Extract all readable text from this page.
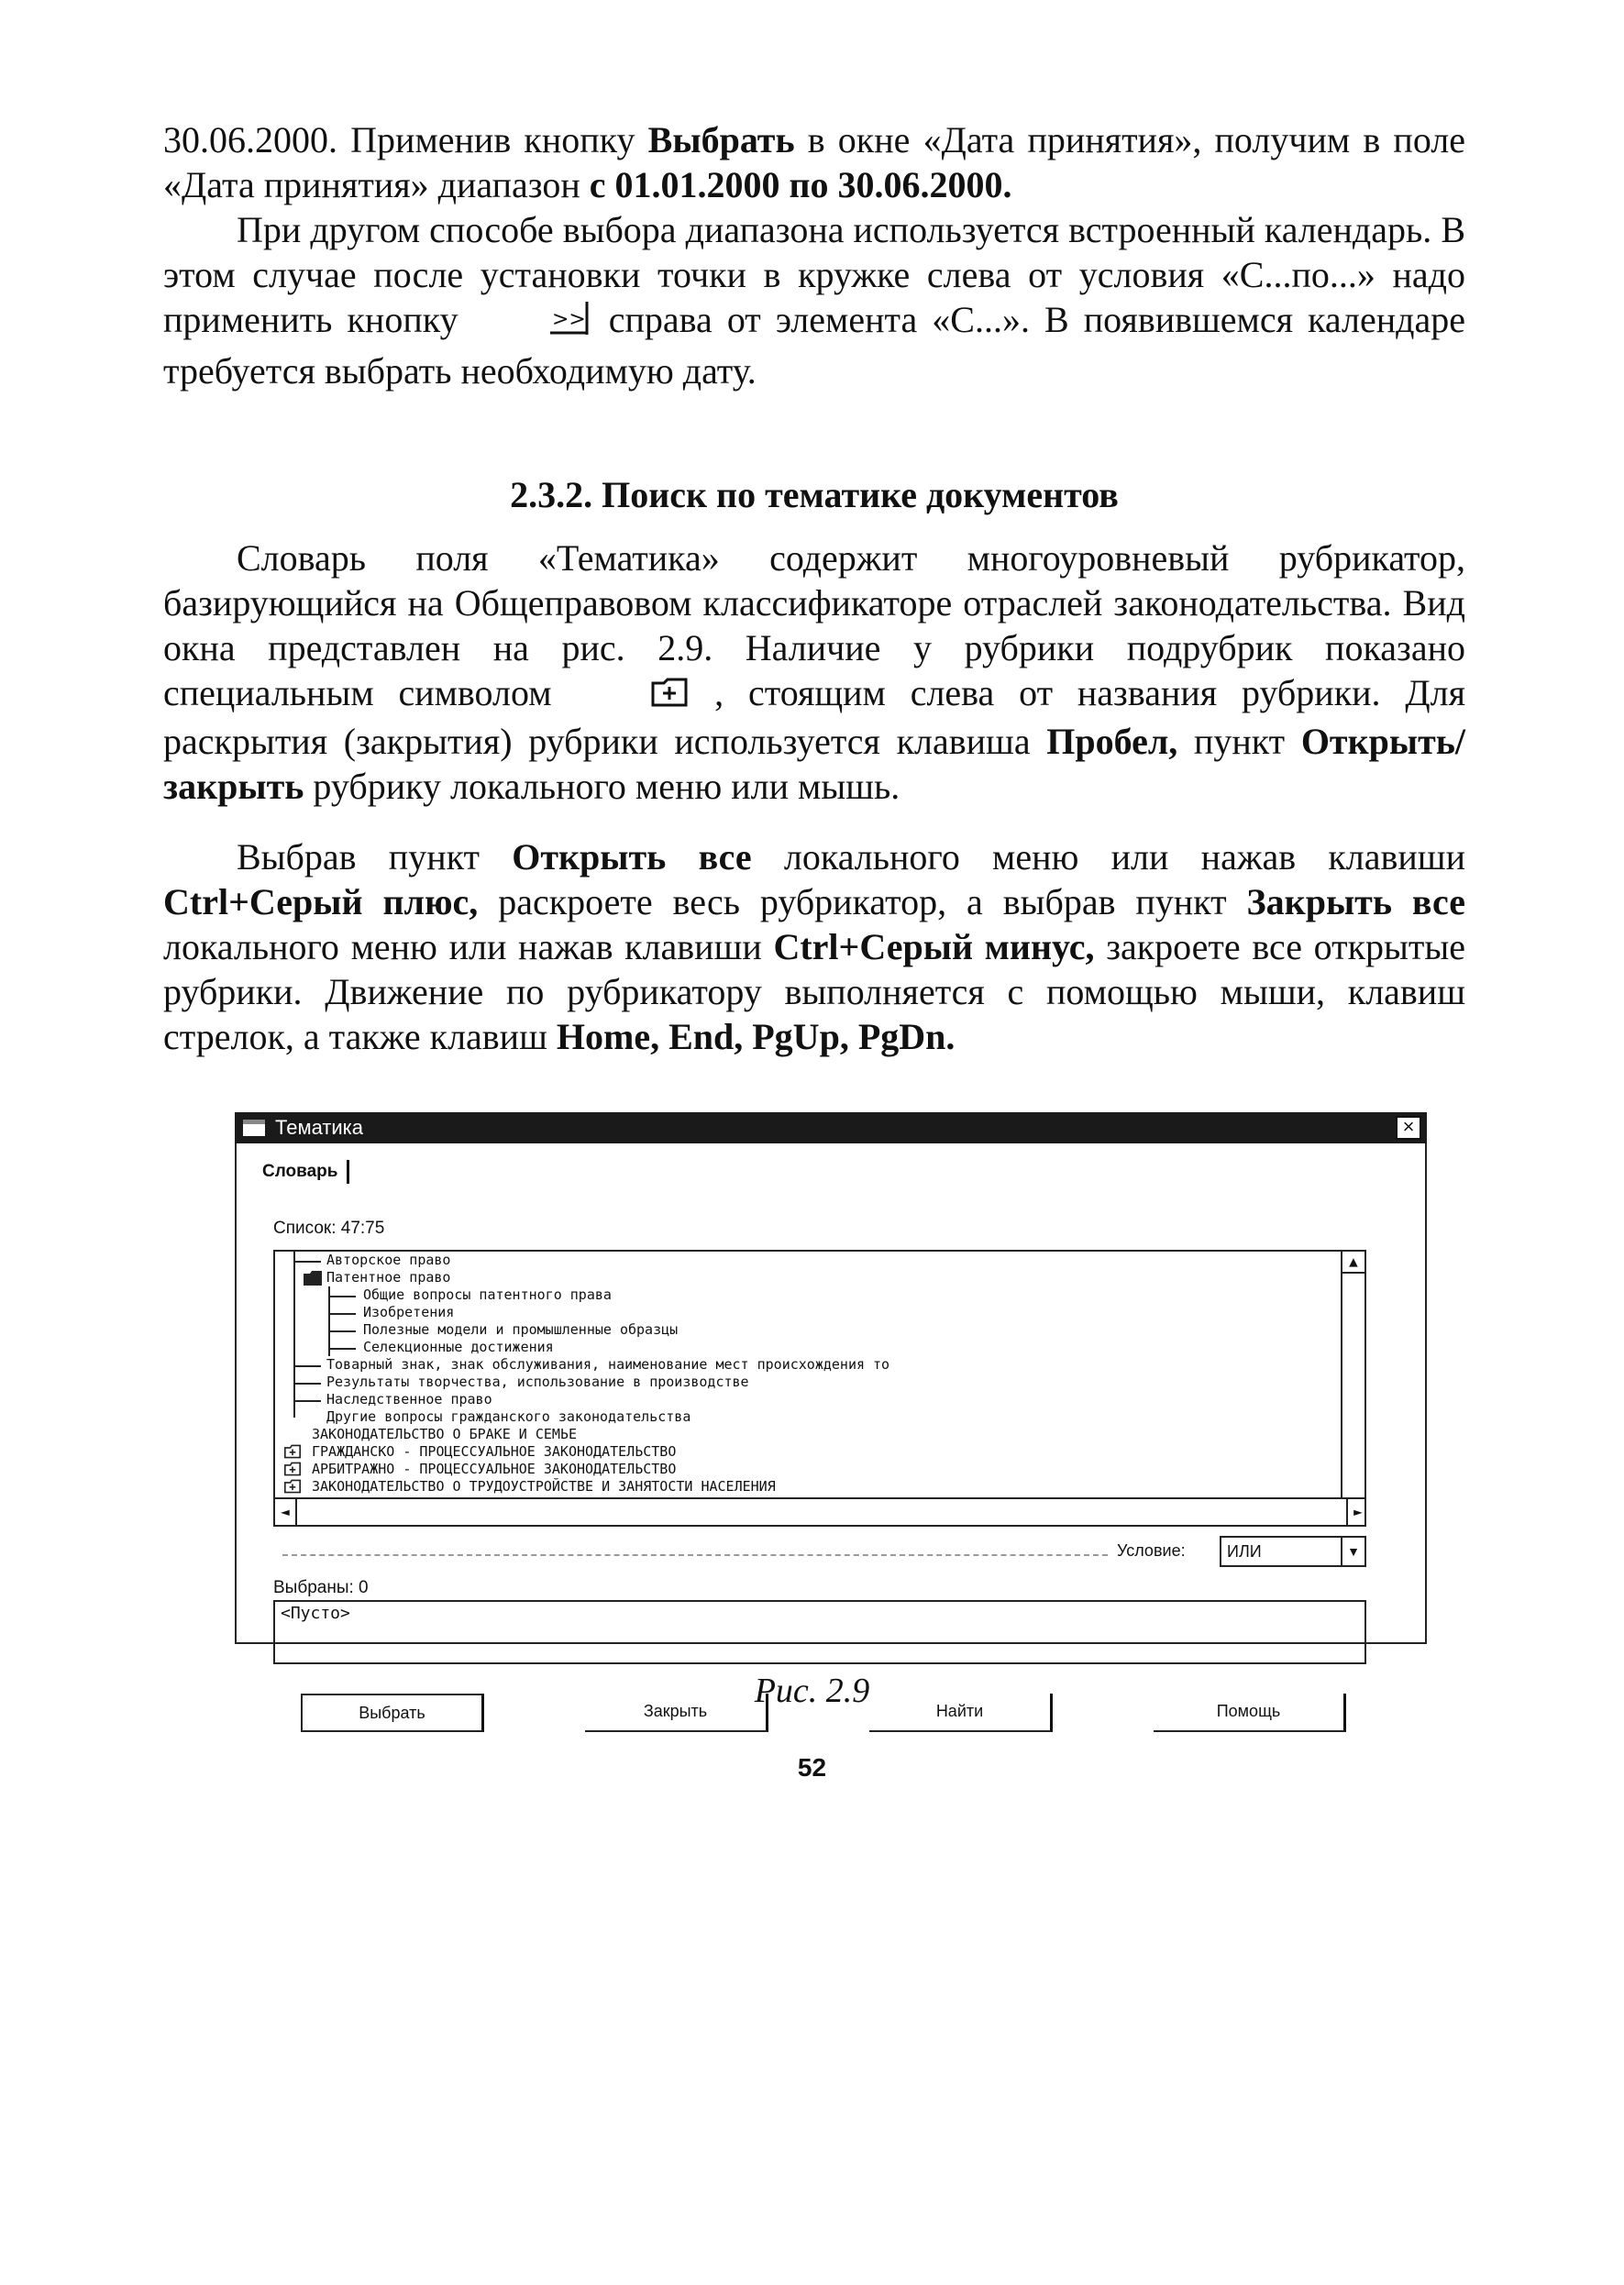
30.06.2000. Применив кнопку Выбрать в окне «Дата принятия», получим в поле «Дата принятия» диапазон с 01.01.2000 по 30.06.2000.

При другом способе выбора диапазона используется встроенный календарь. В этом случае после установки точки в кружке слева от условия «С...по...» надо применить кнопку	>> справа от элемента «С...». В появившемся календаре требуется выбрать необходимую дату.

2.3.2. Поиск по тематике документов

Словарь поля «Тематика» содержит многоуровневый рубрикатор, базирующийся на Общеправовом классификаторе отраслей законодательства. Вид окна представлен на рис. 2.9. Наличие у рубрики подрубрик показано специальным символом	, стоящим слева от названия рубрики. Для раскрытия (закрытия) рубрики используется клавиша Пробел, пункт Открыть/закрыть рубрику локального меню или мышь.

Выбрав пункт Открыть все локального меню или нажав клавиши Ctrl+Серый плюс, раскроете весь рубрикатор, а выбрав пункт Закрыть все локального меню или нажав клавиши Ctrl+Серый минус, закроете все открытые рубрики. Движение по рубрикатору выполняется с помощью мыши, клавиш стрелок, а также клавиш Home, End, PgUp, PgDn.

Тематика	×
Словарь
Список: 47:75
Авторское право
Патентное право
Общие вопросы патентного права
Изобретения
Полезные модели и промышленные образцы
Селекционные достижения
Товарный знак, знак обслуживания, наименование мест происхождения то
Результаты творчества, использование в производстве
Наследственное право
▲
◄	►
Другие вопросы гражданского законодательства
ЗАКОНОДАТЕЛЬСТВО О БРАКЕ И СЕМЬЕ
ГРАЖДАНСКО - ПРОЦЕССУАЛЬНОЕ ЗАКОНОДАТЕЛЬСТВО
АРБИТРАЖНО - ПРОЦЕССУАЛЬНОЕ ЗАКОНОДАТЕЛЬСТВО
ЗАКОНОДАТЕЛЬСТВО О ТРУДОУСТРОЙСТВЕ И ЗАНЯТОСТИ НАСЕЛЕНИЯ
Условие:	ИЛИ	▼
Выбраны: 0
<Пусто>
Выбрать	Закрыть	Найти	Помощь
Рис. 2.9
52
